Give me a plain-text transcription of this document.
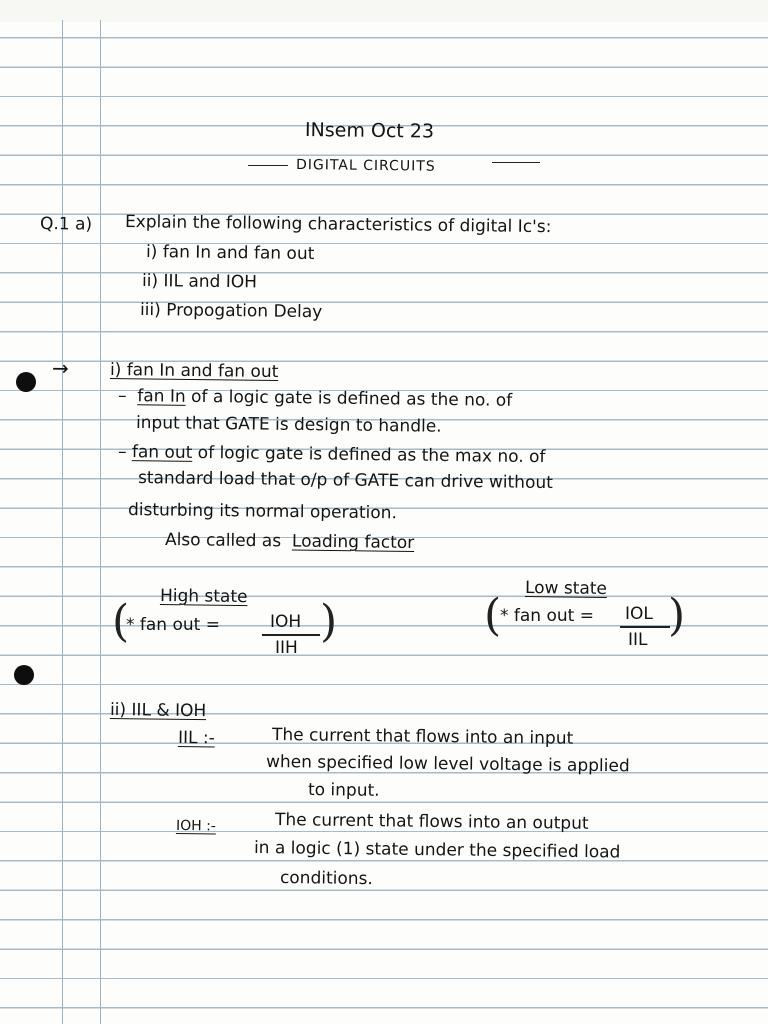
INsem Oct 23
DIGITAL CIRCUITS
Q.1 a) Explain the following characteristics of digital Ic's:
i) fan In and fan out
ii) IIL and IOH
iii) Propogation Delay
→ i) fan In and fan out
–  fan In of a logic gate is defined as the no. of
input that GATE is design to handle.
– fan out of logic gate is defined as the max no. of
standard load that o/p of GATE can drive without
disturbing its normal operation.
Also called as Loading factor
High state
(
* fan out =	IOH
IIH
)
Low state
(
* fan out = IOL
IIL )
ii) IIL & IOH
IIL :-	The current that flows into an input
when specified low level voltage is applied
to input.
IOH :-	The current that flows into an output
in a logic (1) state under the specified load
conditions.
